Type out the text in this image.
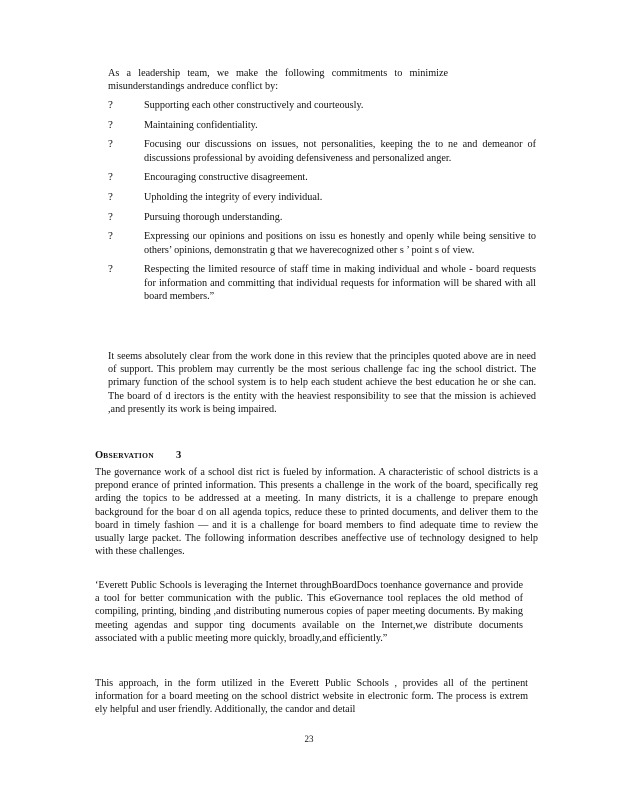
As a leadership team, we make the following commitments to minimize misunderstandings andreduce conflict by:
?	Supporting each other constructively and courteously.
?	Maintaining confidentiality.
?	Focusing our discussions on issues, not personalities, keeping the to ne and demeanor of discussions professional by avoiding defensiveness and personalized anger.
?	Encouraging constructive disagreement.
?	Upholding the integrity of every individual.
?	Pursuing thorough understanding.
?	Expressing our opinions and positions on issu es honestly and openly while being sensitive to others’ opinions, demonstratin g that we haverecognized other s ’ point s of view.
?	Respecting the limited resource of staff time in making individual and whole - board requests for information and committing that individual requests for information will be shared with all board members.”
It seems absolutely clear from the work done in this review that the principles quoted above are in need of support. This problem may currently be the most serious challenge fac ing the school district. The primary function of the school system is to help each student achieve the best education he or she can. The board of d irectors is the entity with the heaviest responsibility to see that the mission is achieved ,and presently its work is being impaired.
OBSERVATION 3
The governance work of a school dist rict is fueled by information. A characteristic of school districts is a prepond erance of printed information. This presents a challenge in the work of the board, specifically reg arding the topics to be addressed at a meeting. In many districts, it is a challenge to prepare enough background for the boar d on all agenda topics, reduce these to printed documents, and deliver them to the board in timely fashion — and it is a challenge for board members to find adequate time to review the usually large packet. The following information describes aneffective use of technology designed to help with these challenges.
‘Everett Public Schools is leveraging the Internet throughBoardDocs toenhance governance and provide a tool for better communication with the public. This eGovernance tool replaces the old method of compiling, printing, binding ,and distributing numerous copies of paper meeting documents. By making meeting agendas and suppor ting documents available on the Internet,we distribute documents associated with a public meeting more quickly, broadly,and efficiently.”
This approach, in the form utilized in the Everett Public Schools , provides all of the pertinent information for a board meeting on the school district website in electronic form. The process is extrem ely helpful and user friendly. Additionally, the candor and detail
23
